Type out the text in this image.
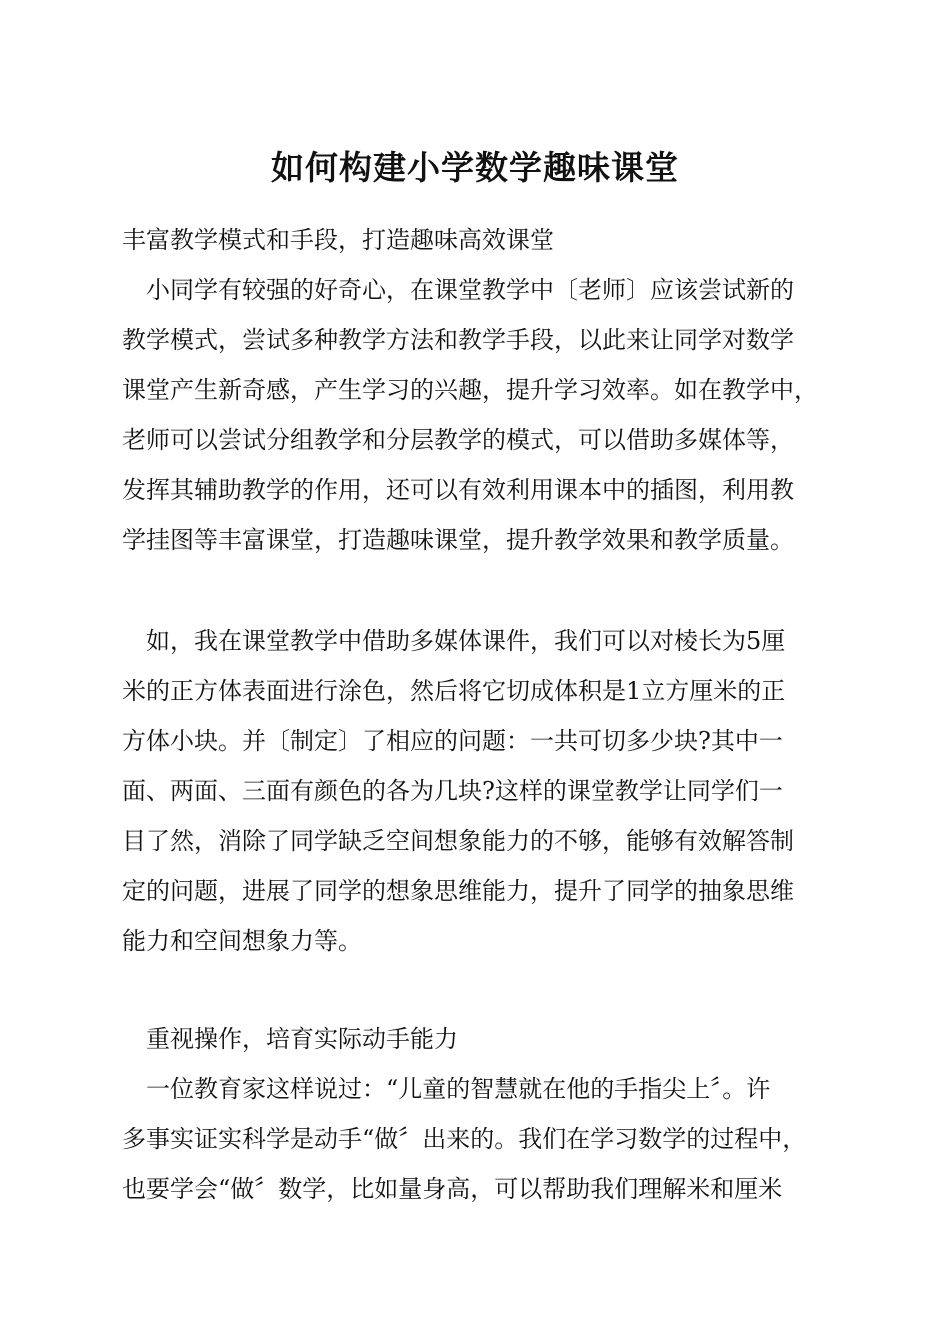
如何构建小学数学趣味课堂
丰富教学模式和手段，打造趣味高效课堂
小同学有较强的好奇心，在课堂教学中〔老师〕应该尝试新的
教学模式，尝试多种教学方法和教学手段，以此来让同学对数学
课堂产生新奇感，产生学习的兴趣，提升学习效率。如在教学中，
老师可以尝试分组教学和分层教学的模式，可以借助多媒体等，
发挥其辅助教学的作用，还可以有效利用课本中的插图，利用教
学挂图等丰富课堂，打造趣味课堂，提升教学效果和教学质量。
如，我在课堂教学中借助多媒体课件，我们可以对棱长为5厘
米的正方体表面进行涂色，然后将它切成体积是1立方厘米的正
方体小块。并〔制定〕了相应的问题：一共可切多少块?其中一
面、两面、三面有颜色的各为几块?这样的课堂教学让同学们一
目了然，消除了同学缺乏空间想象能力的不够，能够有效解答制
定的问题，进展了同学的想象思维能力，提升了同学的抽象思维
能力和空间想象力等。
重视操作，培育实际动手能力
一位教育家这样说过：“儿童的智慧就在他的手指尖上〞。许
多事实证实科学是动手“做〞出来的。我们在学习数学的过程中，
也要学会“做〞数学，比如量身高，可以帮助我们理解米和厘米
